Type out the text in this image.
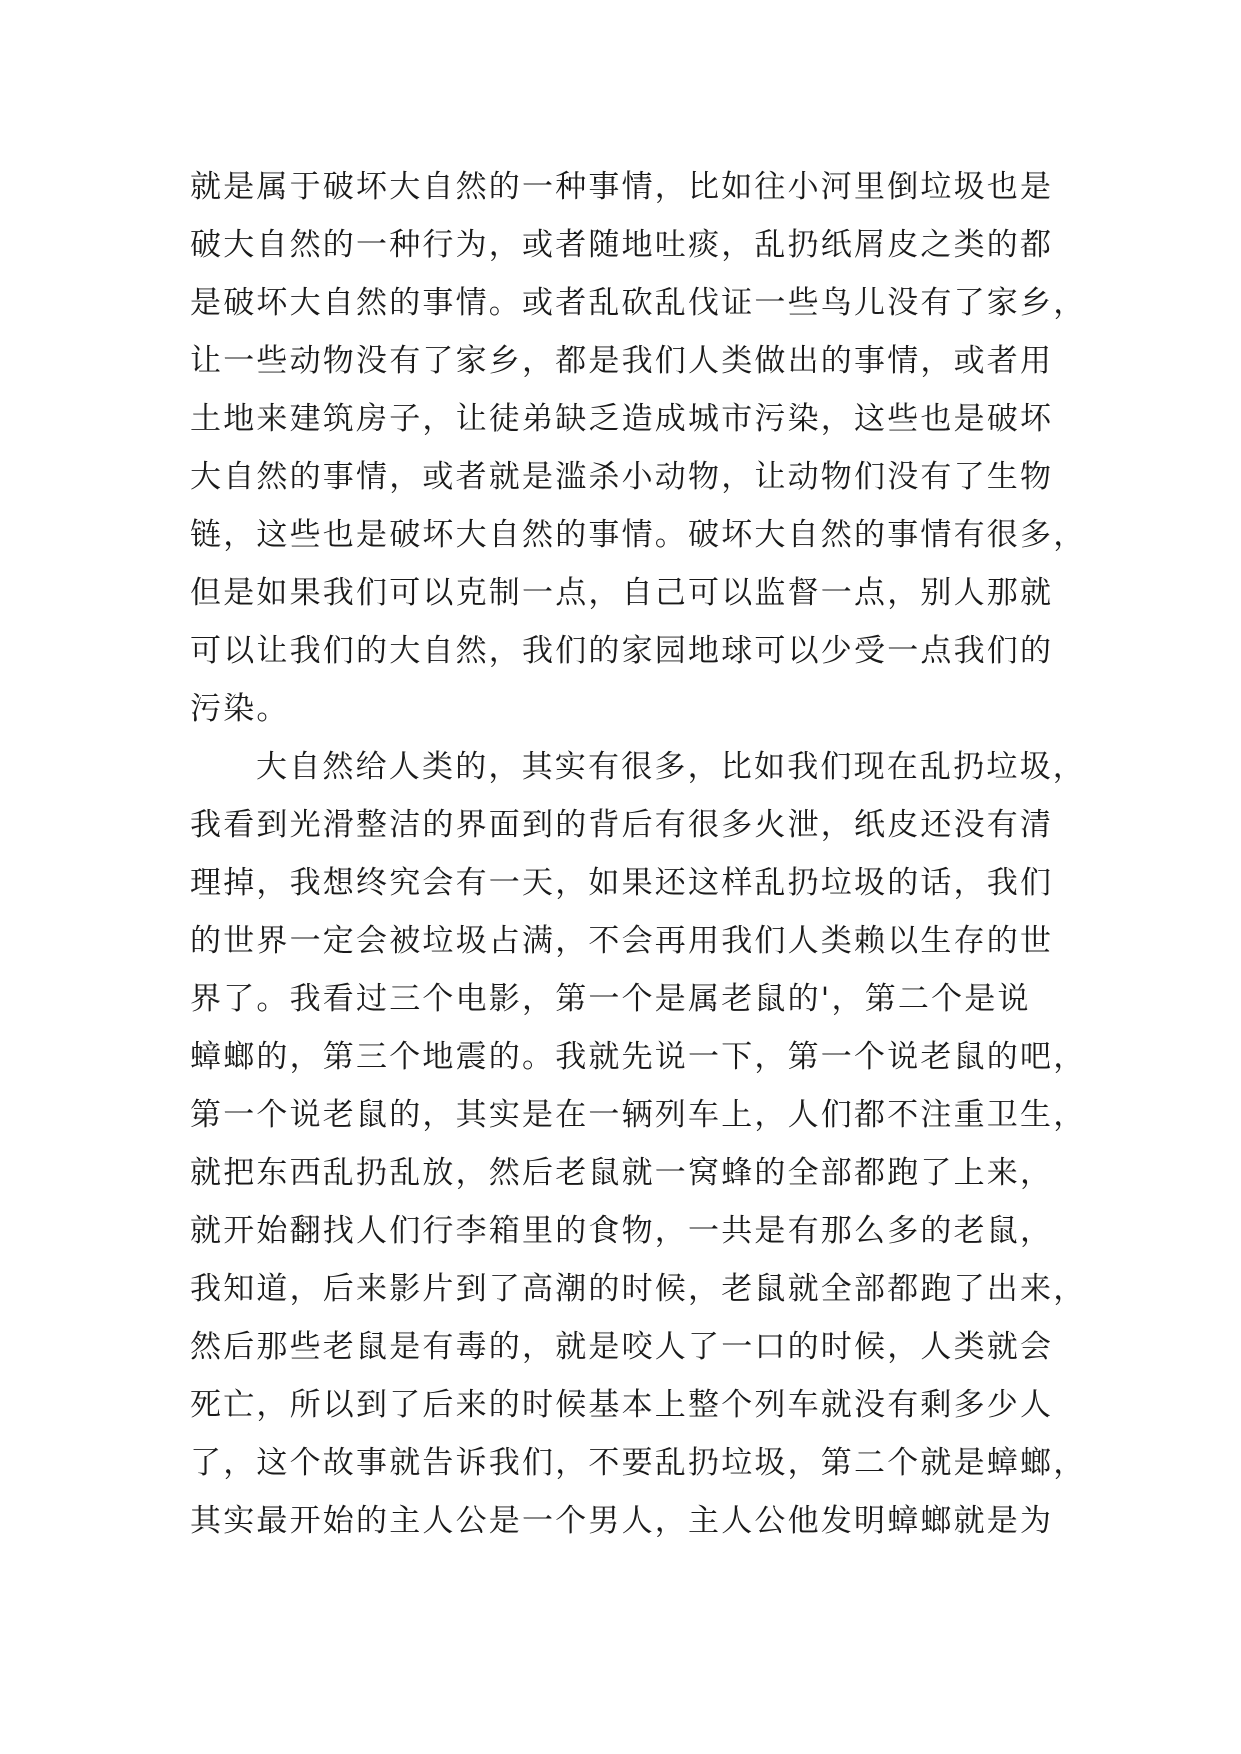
就是属于破坏大自然的一种事情，比如往小河里倒垃圾也是
破大自然的一种行为，或者随地吐痰，乱扔纸屑皮之类的都
是破坏大自然的事情。或者乱砍乱伐证一些鸟儿没有了家乡，
让一些动物没有了家乡，都是我们人类做出的事情，或者用
土地来建筑房子，让徒弟缺乏造成城市污染，这些也是破坏
大自然的事情，或者就是滥杀小动物，让动物们没有了生物
链，这些也是破坏大自然的事情。破坏大自然的事情有很多，
但是如果我们可以克制一点，自己可以监督一点，别人那就
可以让我们的大自然，我们的家园地球可以少受一点我们的
污染。
大自然给人类的，其实有很多，比如我们现在乱扔垃圾，
我看到光滑整洁的界面到的背后有很多火泄，纸皮还没有清
理掉，我想终究会有一天，如果还这样乱扔垃圾的话，我们
的世界一定会被垃圾占满，不会再用我们人类赖以生存的世
界了。我看过三个电影，第一个是属老鼠的'，第二个是说
蟑螂的，第三个地震的。我就先说一下，第一个说老鼠的吧，
第一个说老鼠的，其实是在一辆列车上，人们都不注重卫生，
就把东西乱扔乱放，然后老鼠就一窝蜂的全部都跑了上来，
就开始翻找人们行李箱里的食物，一共是有那么多的老鼠，
我知道，后来影片到了高潮的时候，老鼠就全部都跑了出来，
然后那些老鼠是有毒的，就是咬人了一口的时候，人类就会
死亡，所以到了后来的时候基本上整个列车就没有剩多少人
了，这个故事就告诉我们，不要乱扔垃圾，第二个就是蟑螂，
其实最开始的主人公是一个男人，主人公他发明蟑螂就是为
